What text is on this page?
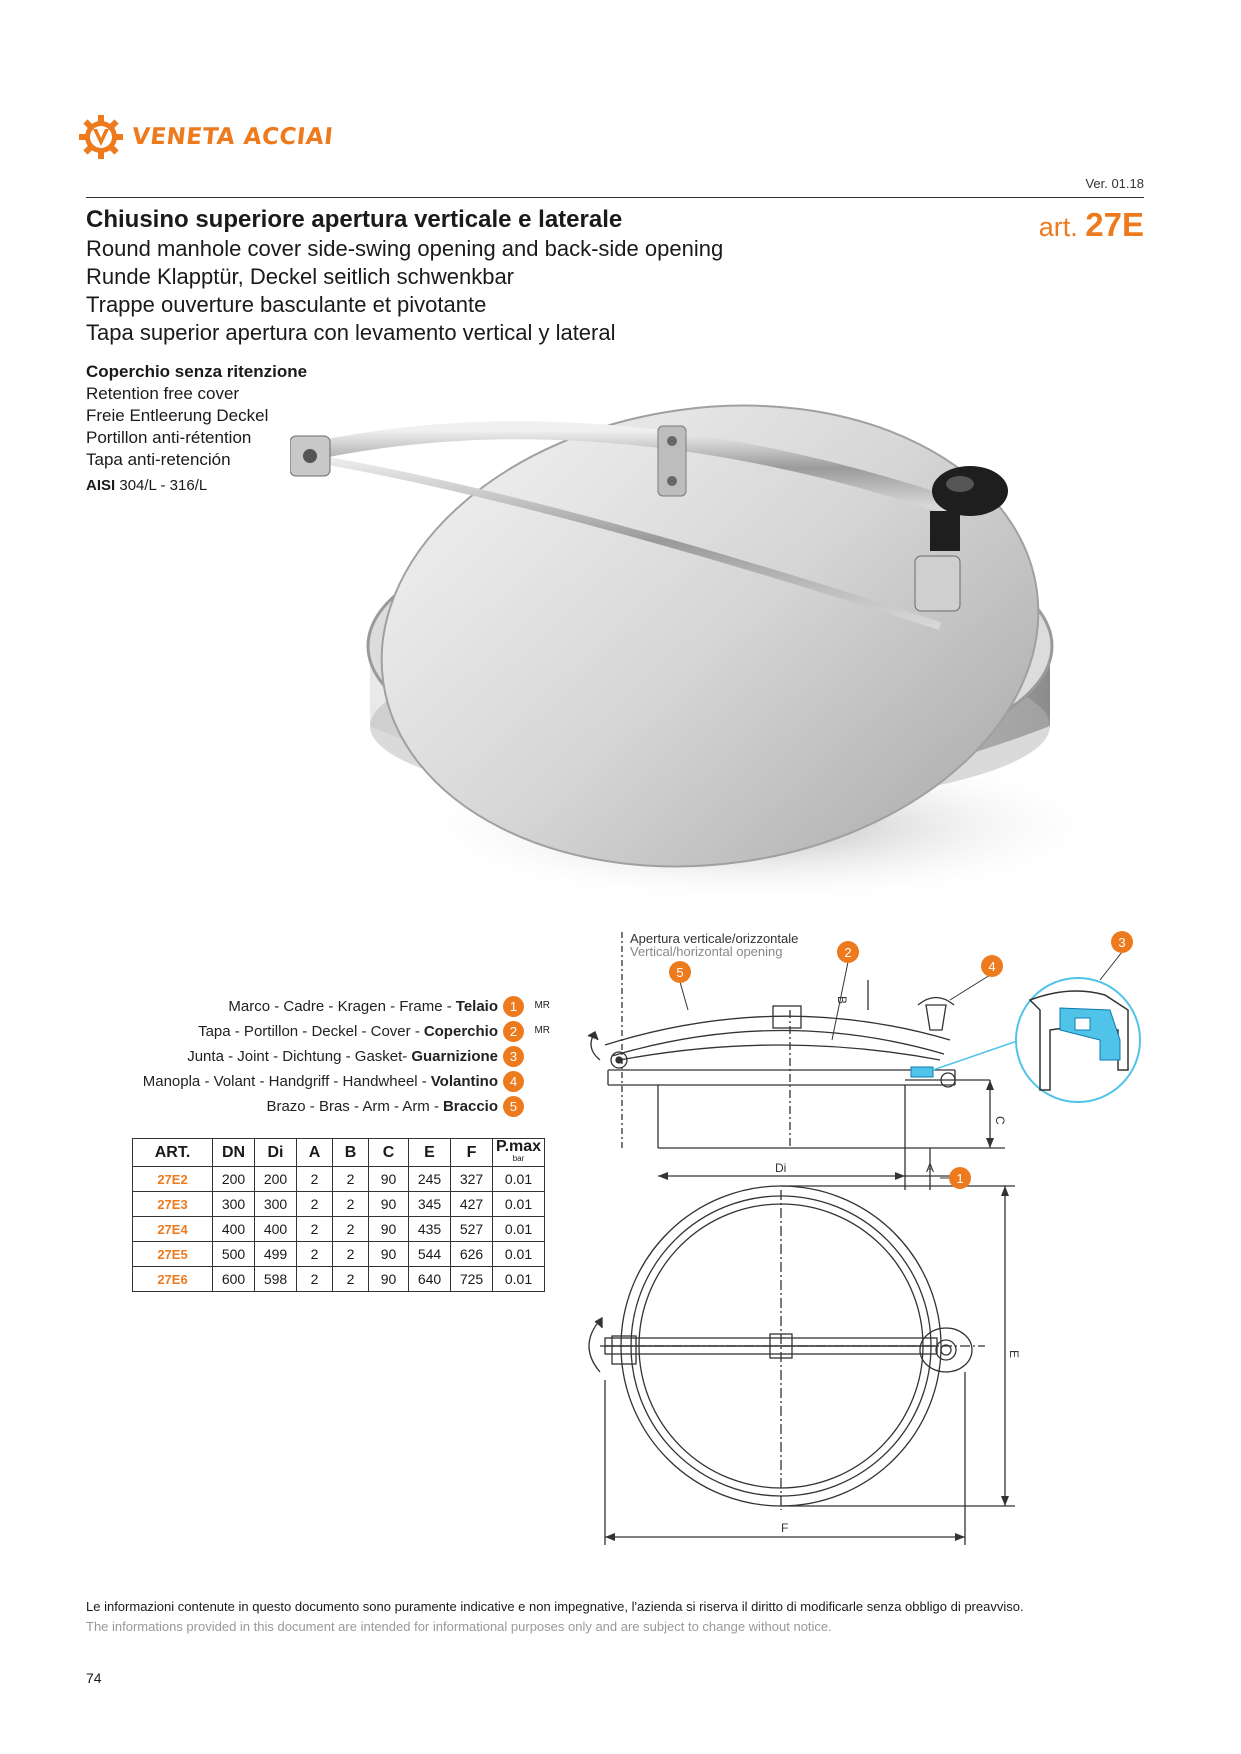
VENETA ACCIAI
Ver. 01.18
art. 27E
Chiusino superiore apertura verticale e laterale
Round manhole cover side-swing opening and back-side opening
Runde Klapptür, Deckel seitlich schwenkbar
Trappe ouverture basculante et pivotante
Tapa superior apertura con levamento vertical y lateral
Coperchio senza ritenzione
Retention free cover
Freie Entleerung Deckel
Portillon anti-rétention
Tapa anti-retención
AISI 304/L - 316/L
Marco - Cadre - Kragen - Frame - Telaio 1	MR
Tapa - Portillon - Deckel - Cover - Coperchio 2	MR
Junta - Joint - Dichtung - Gasket- Guarnizione 3
Manopla - Volant - Handgriff - Handwheel - Volantino 4
Brazo - Bras - Arm - Arm - Braccio 5
ART.	DN	Di	A	B	C	E	F	P.max
bar

27E2	200	200	2	2	90	245	327	0.01
27E3	300	300	2	2	90	345	427	0.01
27E4	400	400	2	2	90	435	527	0.01
27E5	500	499	2	2	90	544	626	0.01
27E6	600	598	2	2	90	640	725	0.01
Apertura verticale/orizzontale
Vertical/horizontal opening
B
C
Di	A
E
F
5
2
4
3
1
Le informazioni contenute in questo documento sono puramente indicative e non impegnative, l'azienda si riserva il diritto di modificarle senza obbligo di preavviso.
The informations provided in this document are intended for informational purposes only and are subject to change without notice.
74
